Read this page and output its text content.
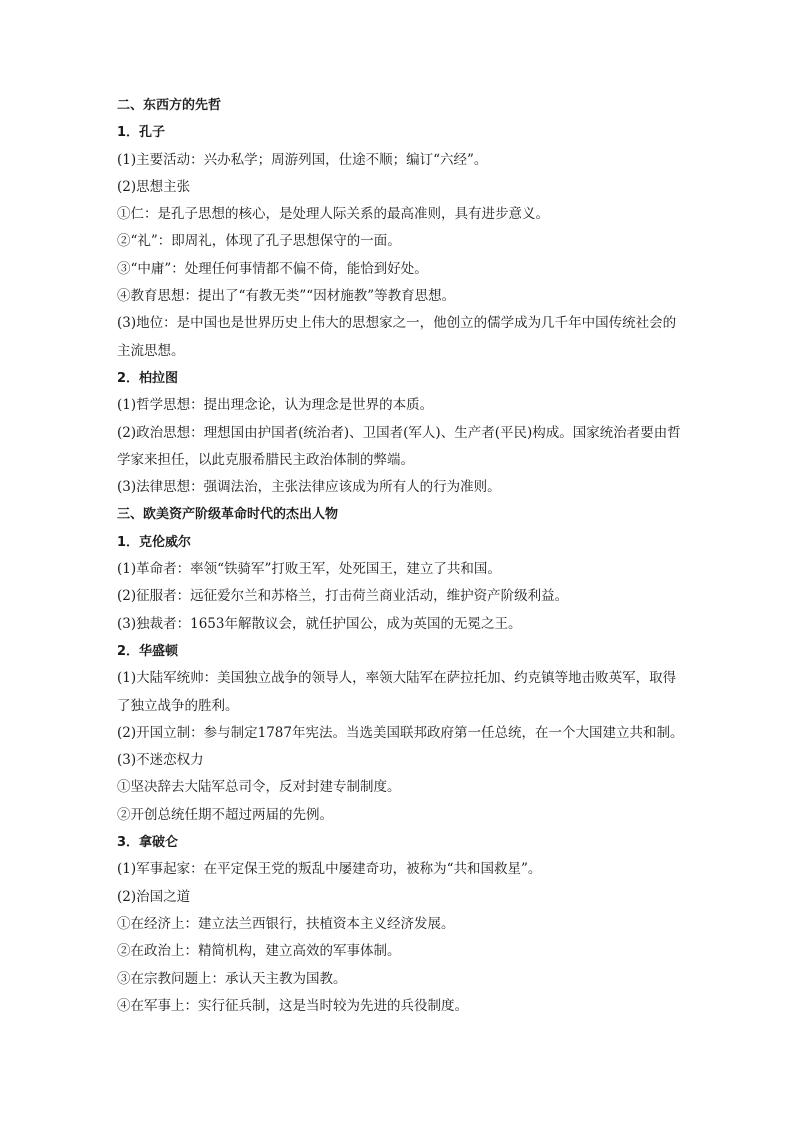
二、东西方的先哲
1．孔子
(1)主要活动：兴办私学；周游列国，仕途不顺；编订“六经”。
(2)思想主张
①仁：是孔子思想的核心，是处理人际关系的最高准则，具有进步意义。
②“礼”：即周礼，体现了孔子思想保守的一面。
③“中庸”：处理任何事情都不偏不倚，能恰到好处。
④教育思想：提出了“有教无类”“因材施教”等教育思想。
(3)地位：是中国也是世界历史上伟大的思想家之一，他创立的儒学成为几千年中国传统社会的主流思想。
2．柏拉图
(1)哲学思想：提出理念论，认为理念是世界的本质。
(2)政治思想：理想国由护国者(统治者)、卫国者(军人)、生产者(平民)构成。国家统治者要由哲学家来担任，以此克服希腊民主政治体制的弊端。
(3)法律思想：强调法治，主张法律应该成为所有人的行为准则。
三、欧美资产阶级革命时代的杰出人物
1．克伦威尔
(1)革命者：率领“铁骑军”打败王军，处死国王，建立了共和国。
(2)征服者：远征爱尔兰和苏格兰，打击荷兰商业活动，维护资产阶级利益。
(3)独裁者：1653年解散议会，就任护国公，成为英国的无冕之王。
2．华盛顿
(1)大陆军统帅：美国独立战争的领导人，率领大陆军在萨拉托加、约克镇等地击败英军，取得了独立战争的胜利。
(2)开国立制：参与制定1787年宪法。当选美国联邦政府第一任总统，在一个大国建立共和制。
(3)不迷恋权力
①坚决辞去大陆军总司令，反对封建专制制度。
②开创总统任期不超过两届的先例。
3．拿破仑
(1)军事起家：在平定保王党的叛乱中屡建奇功，被称为“共和国救星”。
(2)治国之道
①在经济上：建立法兰西银行，扶植资本主义经济发展。
②在政治上：精简机构，建立高效的军事体制。
③在宗教问题上：承认天主教为国教。
④在军事上：实行征兵制，这是当时较为先进的兵役制度。
